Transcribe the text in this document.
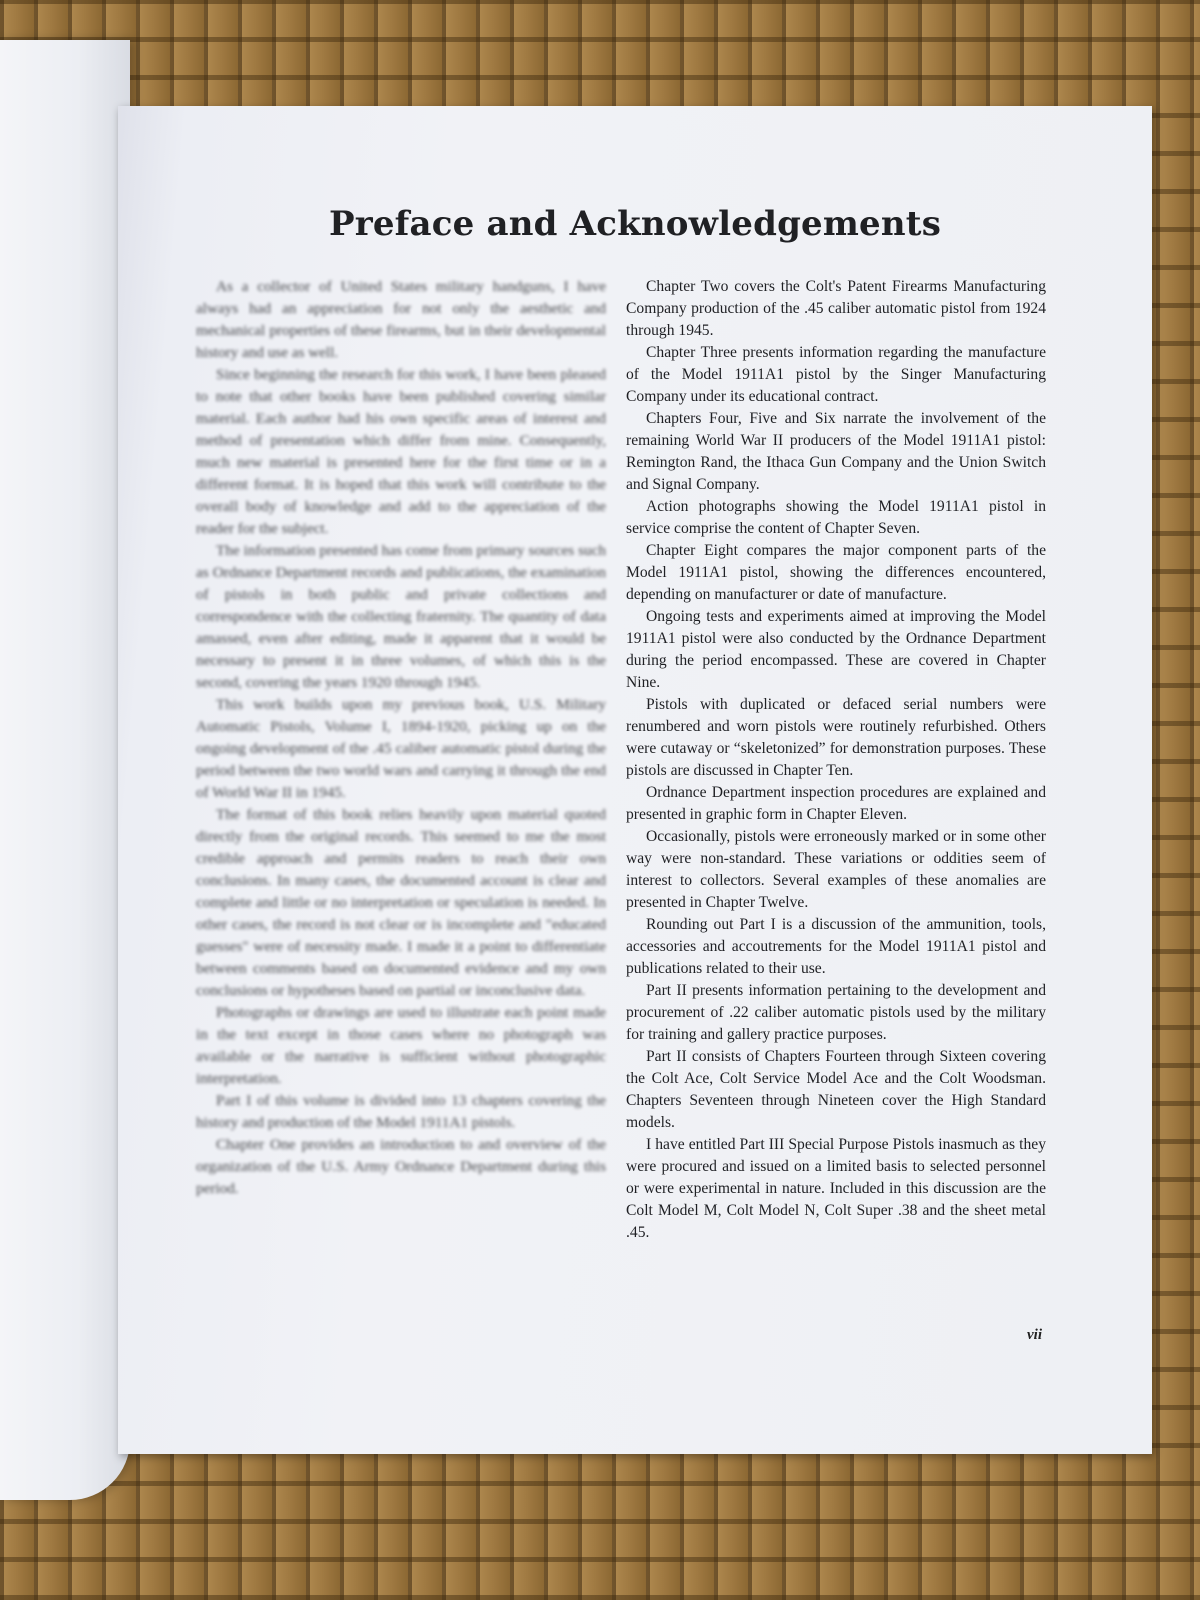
Preface and Acknowledgements

As a collector of United States military handguns, I have always had an appreciation for not only the aesthetic and mechanical properties of these firearms, but in their developmental history and use as well.

Since beginning the research for this work, I have been pleased to note that other books have been published covering similar material. Each author had his own specific areas of interest and method of presentation which differ from mine. Consequently, much new material is presented here for the first time or in a different format. It is hoped that this work will contribute to the overall body of knowledge and add to the appreciation of the reader for the subject.

The information presented has come from primary sources such as Ordnance Department records and publications, the examination of pistols in both public and private collections and correspondence with the collecting fraternity. The quantity of data amassed, even after editing, made it apparent that it would be necessary to present it in three volumes, of which this is the second, covering the years 1920 through 1945.

This work builds upon my previous book, U.S. Military Automatic Pistols, Volume I, 1894-1920, picking up on the ongoing development of the .45 caliber automatic pistol during the period between the two world wars and carrying it through the end of World War II in 1945.

The format of this book relies heavily upon material quoted directly from the original records. This seemed to me the most credible approach and permits readers to reach their own conclusions. In many cases, the documented account is clear and complete and little or no interpretation or speculation is needed. In other cases, the record is not clear or is incomplete and "educated guesses" were of necessity made. I made it a point to differentiate between comments based on documented evidence and my own conclusions or hypotheses based on partial or inconclusive data.

Photographs or drawings are used to illustrate each point made in the text except in those cases where no photograph was available or the narrative is sufficient without photographic interpretation.

Part I of this volume is divided into 13 chapters covering the history and production of the Model 1911A1 pistols.

Chapter One provides an introduction to and overview of the organization of the U.S. Army Ordnance Department during this period.

Chapter Two covers the Colt's Patent Firearms Manufacturing Company production of the .45 caliber automatic pistol from 1924 through 1945.

Chapter Three presents information regarding the manufacture of the Model 1911A1 pistol by the Singer Manufacturing Company under its educational contract.

Chapters Four, Five and Six narrate the involvement of the remaining World War II producers of the Model 1911A1 pistol: Remington Rand, the Ithaca Gun Company and the Union Switch and Signal Company.

Action photographs showing the Model 1911A1 pistol in service comprise the content of Chapter Seven.

Chapter Eight compares the major component parts of the Model 1911A1 pistol, showing the differences encountered, depending on manufacturer or date of manufacture.

Ongoing tests and experiments aimed at improving the Model 1911A1 pistol were also conducted by the Ordnance Department during the period encompassed. These are covered in Chapter Nine.

Pistols with duplicated or defaced serial numbers were renumbered and worn pistols were routinely refurbished. Others were cutaway or “skeletonized” for demonstration purposes. These pistols are discussed in Chapter Ten.

Ordnance Department inspection procedures are explained and presented in graphic form in Chapter Eleven.

Occasionally, pistols were erroneously marked or in some other way were non-standard. These variations or oddities seem of interest to collectors. Several examples of these anomalies are presented in Chapter Twelve.

Rounding out Part I is a discussion of the ammunition, tools, accessories and accoutrements for the Model 1911A1 pistol and publications related to their use.

Part II presents information pertaining to the development and procurement of .22 caliber automatic pistols used by the military for training and gallery practice purposes.

Part II consists of Chapters Fourteen through Sixteen covering the Colt Ace, Colt Service Model Ace and the Colt Woodsman. Chapters Seventeen through Nineteen cover the High Standard models.

I have entitled Part III Special Purpose Pistols inasmuch as they were procured and issued on a limited basis to selected personnel or were experimental in nature. Included in this discussion are the Colt Model M, Colt Model N, Colt Super .38 and the sheet metal .45.

vii
